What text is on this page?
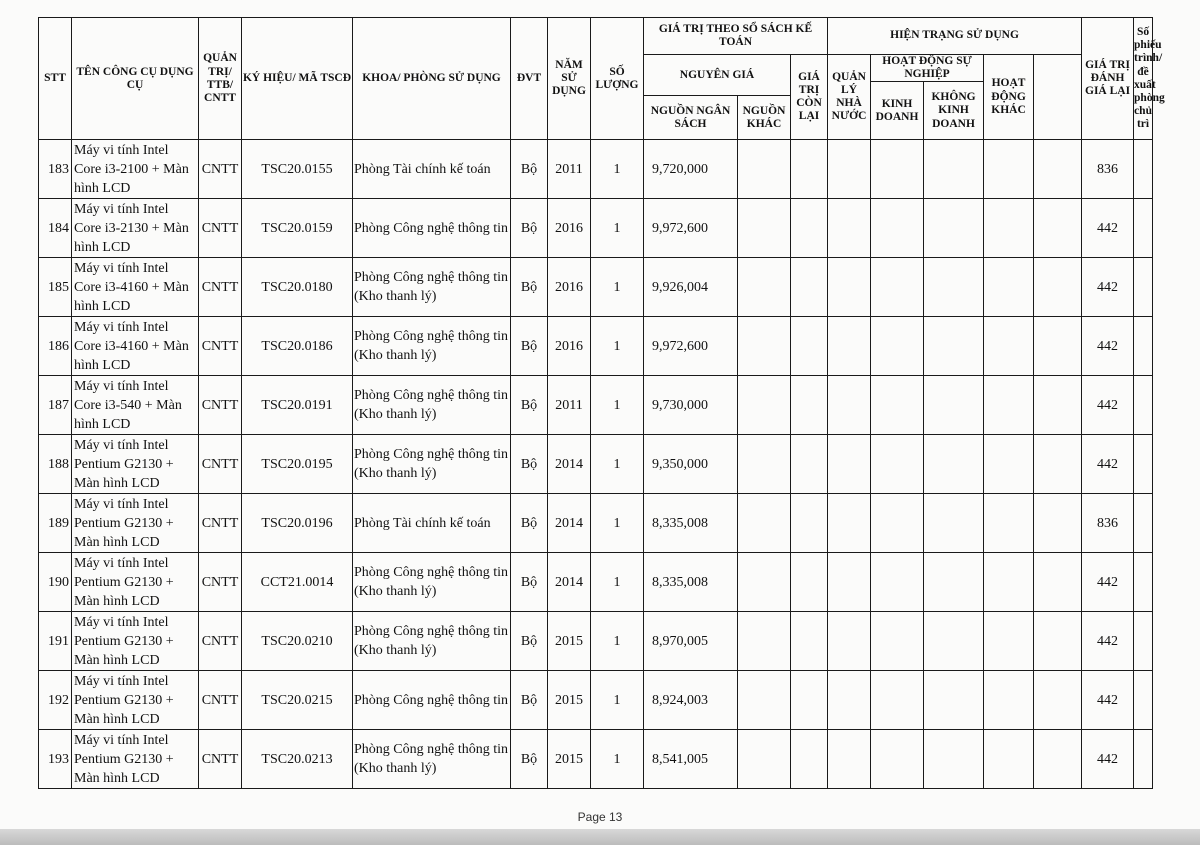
STT	TÊN CÔNG CỤ DỤNG CỤ	QUẢN TRỊ/ TTB/ CNTT	KÝ HIỆU/ MÃ TSCĐ	KHOA/ PHÒNG SỬ DỤNG	ĐVT	NĂM SỬ DỤNG	SỐ LƯỢNG	GIÁ TRỊ THEO SỔ SÁCH KẾ TOÁN			HIỆN TRẠNG SỬ DỤNG					GIÁ TRỊ ĐÁNH GIÁ LẠI	Số phiếu trình/ đề xuất phòng chủ trì	
								NGUYÊN GIÁ		GIÁ TRỊ CÒN LẠI	QUẢN LÝ NHÀ NƯỚC	HOẠT ĐỘNG SỰ NGHIỆP		HOẠT ĐỘNG KHÁC				
												KINH DOANH	KHÔNG KINH DOANH					
								NGUỒN NGÂN SÁCH	NGUỒN KHÁC									
183	Máy vi tính Intel Core i3-2100 + Màn hình LCD	CNTT	TSC20.0155	Phòng Tài chính kế toán	Bộ	2011	1	9,720,000								836		
184	Máy vi tính Intel Core i3-2130 + Màn hình LCD	CNTT	TSC20.0159	Phòng Công nghệ thông tin	Bộ	2016	1	9,972,600								442		
185	Máy vi tính Intel Core i3-4160 + Màn hình LCD	CNTT	TSC20.0180	Phòng Công nghệ thông tin (Kho thanh lý)	Bộ	2016	1	9,926,004								442		
186	Máy vi tính Intel Core i3-4160 + Màn hình LCD	CNTT	TSC20.0186	Phòng Công nghệ thông tin (Kho thanh lý)	Bộ	2016	1	9,972,600								442		
187	Máy vi tính Intel Core i3-540 + Màn hình LCD	CNTT	TSC20.0191	Phòng Công nghệ thông tin (Kho thanh lý)	Bộ	2011	1	9,730,000								442		
188	Máy vi tính Intel Pentium G2130 + Màn hình LCD	CNTT	TSC20.0195	Phòng Công nghệ thông tin (Kho thanh lý)	Bộ	2014	1	9,350,000								442		
189	Máy vi tính Intel Pentium G2130 + Màn hình LCD	CNTT	TSC20.0196	Phòng Tài chính kế toán	Bộ	2014	1	8,335,008								836		
190	Máy vi tính Intel Pentium G2130 + Màn hình LCD	CNTT	CCT21.0014	Phòng Công nghệ thông tin (Kho thanh lý)	Bộ	2014	1	8,335,008								442		
191	Máy vi tính Intel Pentium G2130 + Màn hình LCD	CNTT	TSC20.0210	Phòng Công nghệ thông tin (Kho thanh lý)	Bộ	2015	1	8,970,005								442		
192	Máy vi tính Intel Pentium G2130 + Màn hình LCD	CNTT	TSC20.0215	Phòng Công nghệ thông tin	Bộ	2015	1	8,924,003								442		
193	Máy vi tính Intel Pentium G2130 + Màn hình LCD	CNTT	TSC20.0213	Phòng Công nghệ thông tin (Kho thanh lý)	Bộ	2015	1	8,541,005								442		
Page 13
